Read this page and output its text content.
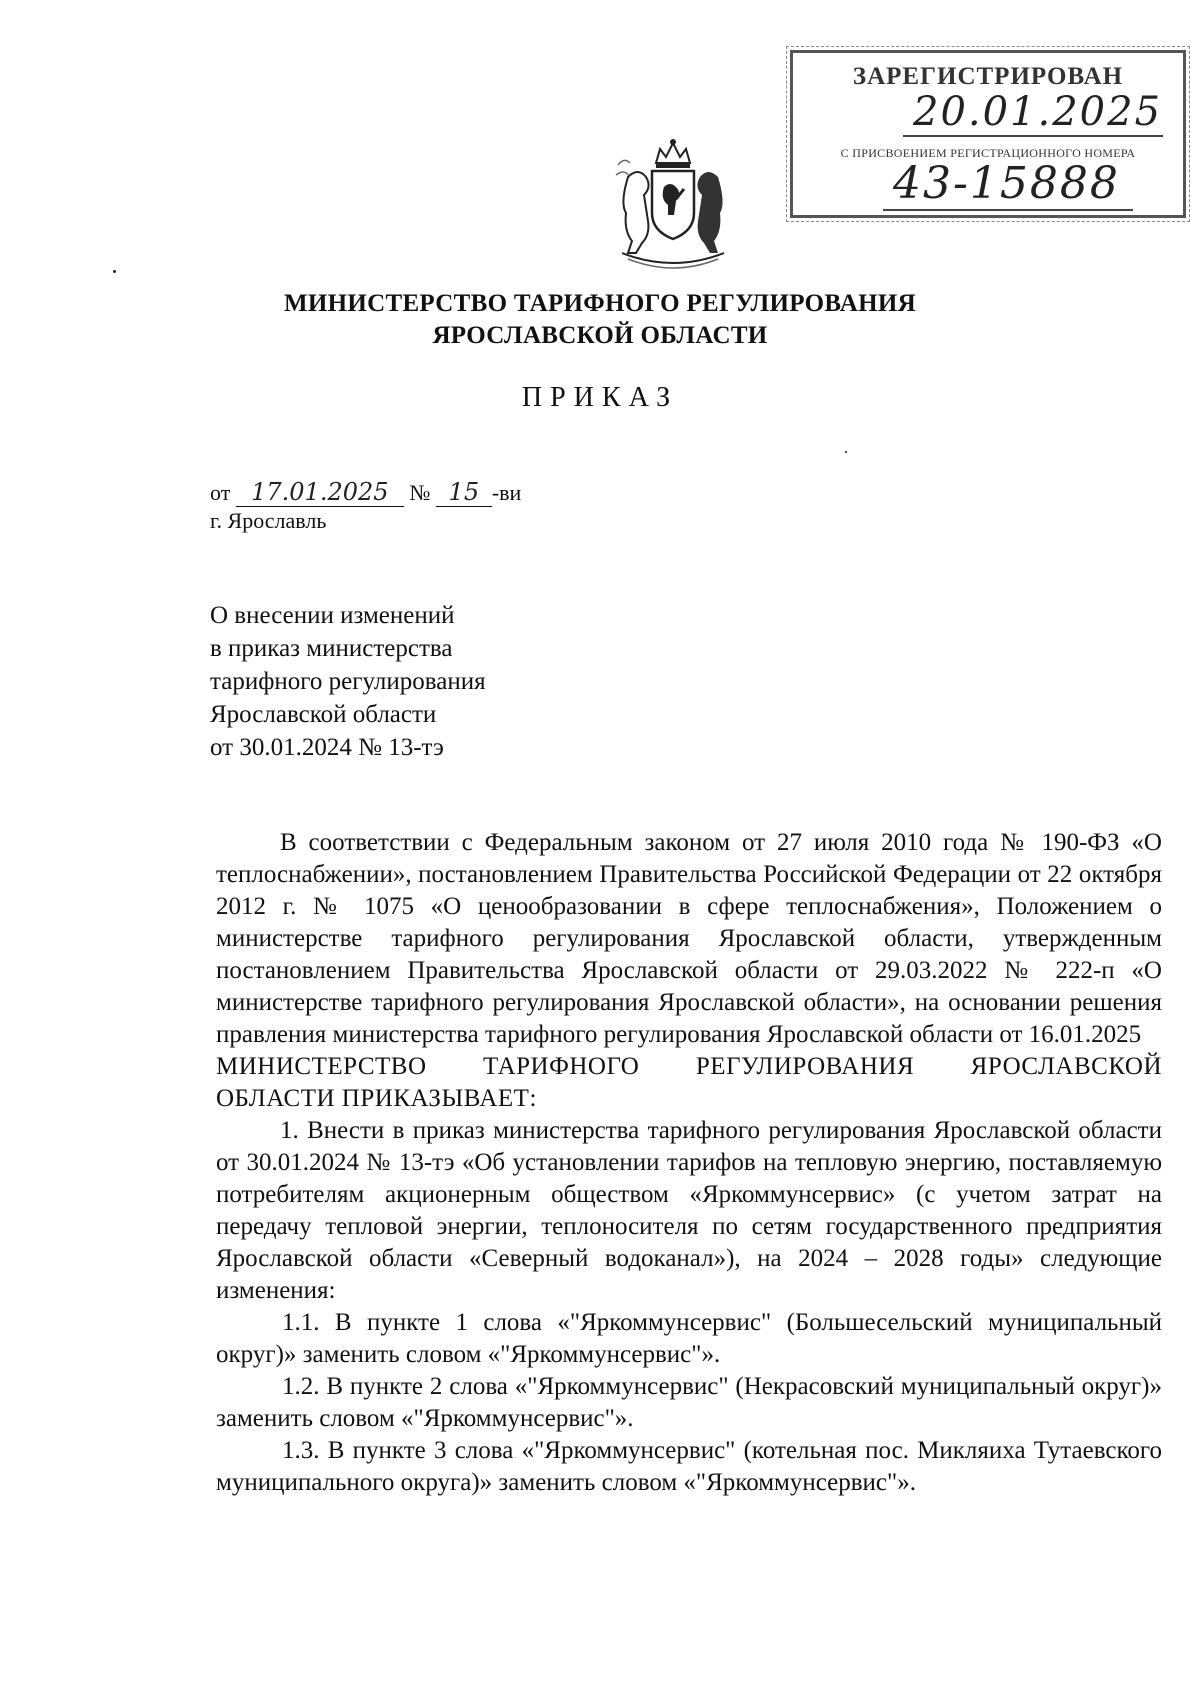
ЗАРЕГИСТРИРОВАН
20.01.2025
С ПРИСВОЕНИЕМ РЕГИСТРАЦИОННОГО НОМЕРА
43-15888
МИНИСТЕРСТВО ТАРИФНОГО РЕГУЛИРОВАНИЯ
ЯРОСЛАВСКОЙ ОБЛАСТИ
ПРИКАЗ
от 17.01.2025 № 15 -ви
г. Ярославль
О внесении изменений
в приказ министерства
тарифного регулирования
Ярославской области
от 30.01.2024 № 13-тэ

В соответствии с Федеральным законом от 27 июля 2010 года № 190-ФЗ «О теплоснабжении», постановлением Правительства Российской Федерации от 22 октября 2012 г. № 1075 «О ценообразовании в сфере теплоснабжения», Положением о министерстве тарифного регулирования Ярославской области, утвержденным постановлением Правительства Ярославской области от 29.03.2022 № 222-п «О министерстве тарифного регулирования Ярославской области», на основании решения правления министерства тарифного регулирования Ярославской области от 16.01.2025

МИНИСТЕРСТВО ТАРИФНОГО РЕГУЛИРОВАНИЯ ЯРОСЛАВСКОЙ

ОБЛАСТИ ПРИКАЗЫВАЕТ:

1. Внести в приказ министерства тарифного регулирования Ярославской области от 30.01.2024 № 13-тэ «Об установлении тарифов на тепловую энергию, поставляемую потребителям акционерным обществом «Яркоммунсервис» (с учетом затрат на передачу тепловой энергии, теплоносителя по сетям государственного предприятия Ярославской области «Северный водоканал»), на 2024 – 2028 годы» следующие изменения:

1.1. В пункте 1 слова «"Яркоммунсервис" (Большесельский муниципальный округ)» заменить словом «"Яркоммунсервис"».

1.2. В пункте 2 слова «"Яркоммунсервис" (Некрасовский муниципальный округ)» заменить словом «"Яркоммунсервис"».

1.3. В пункте 3 слова «"Яркоммунсервис" (котельная пос. Микляиха Тутаевского муниципального округа)» заменить словом «"Яркоммунсервис"».
